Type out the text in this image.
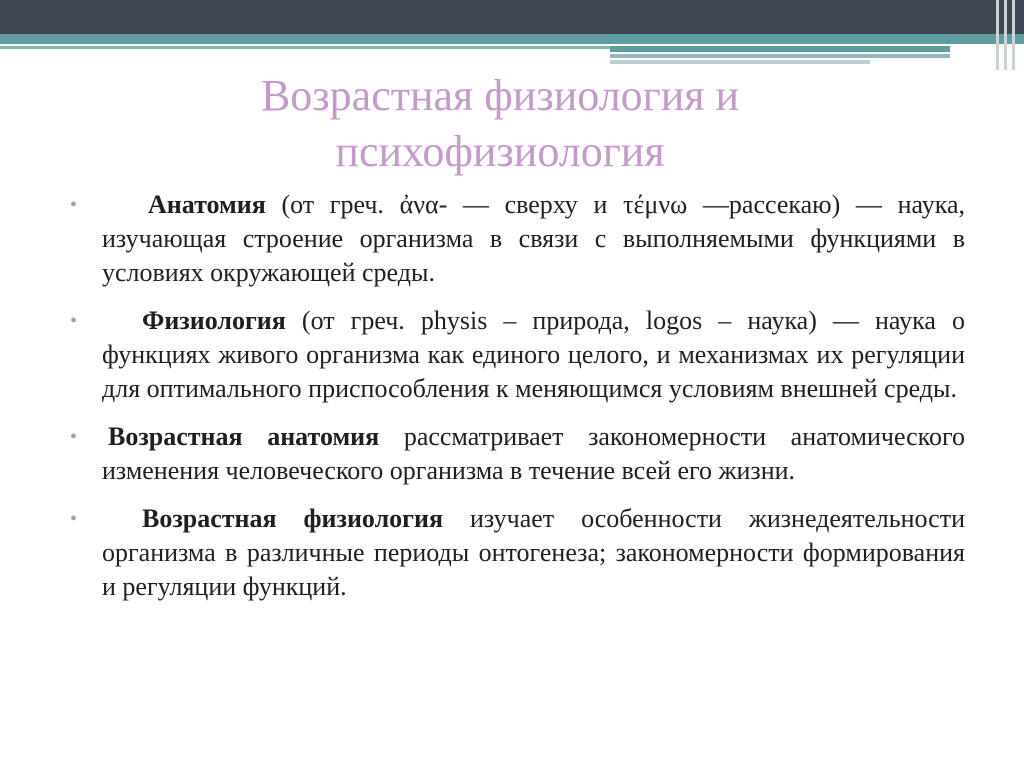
Возрастная физиология и
психофизиология
•	Анатомия (от греч. ἀνα- — сверху и τέμνω —рассекаю) — наука, изучающая строение организма в связи с выполняемыми функциями в условиях окружающей среды.
•	Физиология (от греч. physis – природа, logos – наука) — наука о функциях живого организма как единого целого, и механизмах их регуляции для оптимального приспособления к меняющимся условиям внешней среды.
• Возрастная анатомия рассматривает закономерности анатомического изменения человеческого организма в течение всей его жизни.
•	Возрастная физиология изучает особенности жизнедеятельности организма в различные периоды онтогенеза; закономерности формирования и регуляции функций.
